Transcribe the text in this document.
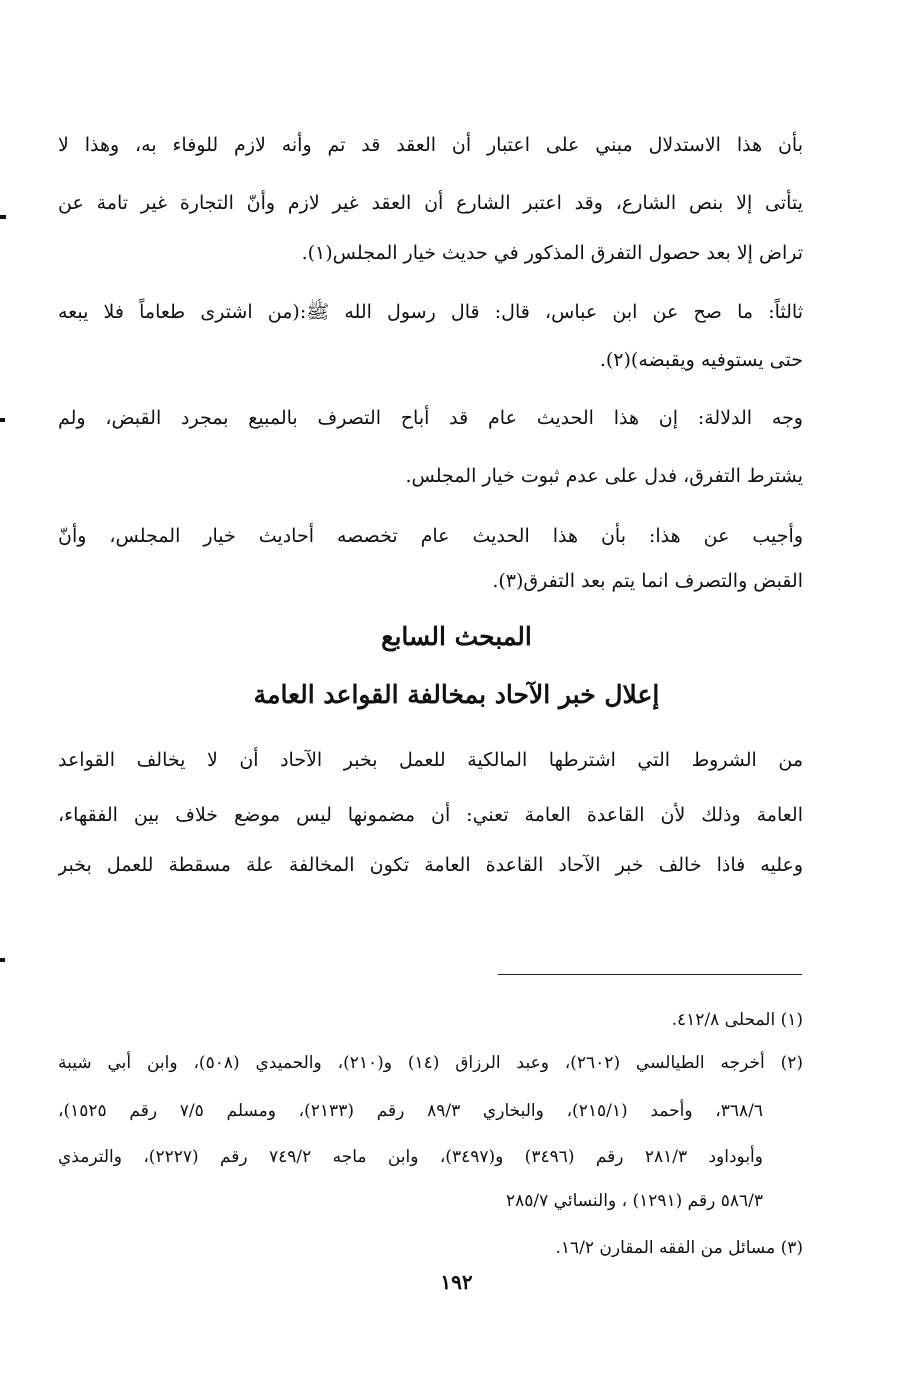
بأن هذا الاستدلال مبني على اعتبار أن العقد قد تم وأنه لازم للوفاء به، وهذا لا
يتأتى إلا بنص الشارع، وقد اعتبر الشارع أن العقد غير لازم وأنّ التجارة غير تامة عن
تراض إلا بعد حصول التفرق المذكور في حديث خيار المجلس(١).
ثالثاً: ما صح عن ابن عباس، قال: قال رسول الله ﷺ:(من اشترى طعاماً فلا يبعه
حتى يستوفيه ويقبضه)(٢).
وجه الدلالة: إن هذا الحديث عام قد أباح التصرف بالمبيع بمجرد القبض، ولم
يشترط التفرق، فدل على عدم ثبوت خيار المجلس.
وأجيب عن هذا: بأن هذا الحديث عام تخصصه أحاديث خيار المجلس، وأنّ
القبض والتصرف انما يتم بعد التفرق(٣).
المبحث السابع
إعلال خبر الآحاد بمخالفة القواعد العامة
من الشروط التي اشترطها المالكية للعمل بخبر الآحاد أن لا يخالف القواعد
العامة وذلك لأن القاعدة العامة تعني: أن مضمونها ليس موضع خلاف بين الفقهاء،
وعليه فاذا خالف خبر الآحاد القاعدة العامة تكون المخالفة علة مسقطة للعمل بخبر
(١) المحلى ٤١٢/٨.
(٢) أخرجه الطيالسي (٢٦٠٢)، وعبد الرزاق (١٤) و(٢١٠)، والحميدي (٥٠٨)، وابن أبي شيبة
٣٦٨/٦، وأحمد (٢١٥/١)، والبخاري ٨٩/٣ رقم (٢١٣٣)، ومسلم ٧/٥ رقم ١٥٢٥)،
وأبوداود ٢٨١/٣ رقم (٣٤٩٦) و(٣٤٩٧)، وابن ماجه ٧٤٩/٢ رقم (٢٢٢٧)، والترمذي
٥٨٦/٣ رقم (١٢٩١) ، والنسائي ٢٨٥/٧
(٣) مسائل من الفقه المقارن ١٦/٢.
١٩٢
